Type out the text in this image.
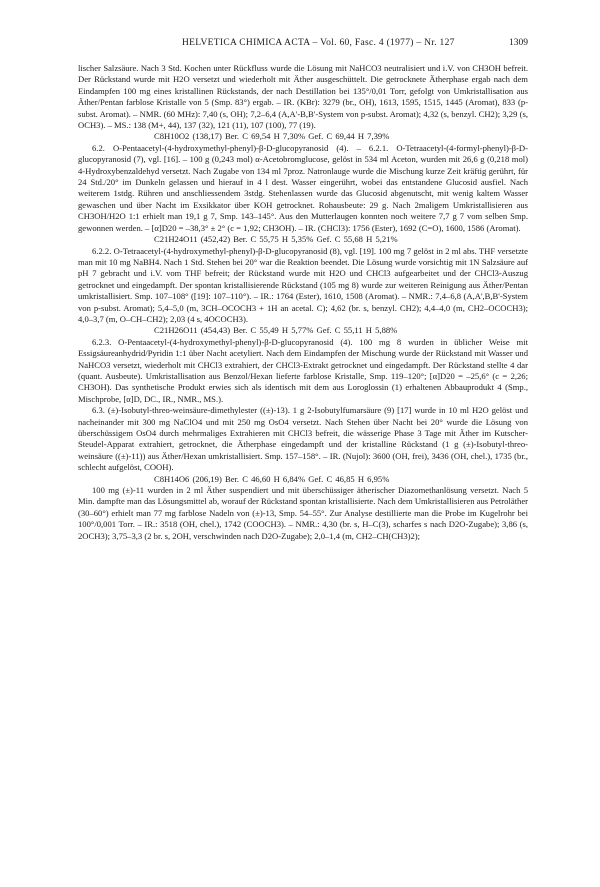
HELVETICA CHIMICA ACTA – Vol. 60, Fasc. 4 (1977) – Nr. 127	1309

lischer Salzsäure. Nach 3 Std. Kochen unter Rückfluss wurde die Lösung mit NaHCO3 neutralisiert und i.V. von CH3OH befreit. Der Rückstand wurde mit H2O versetzt und wiederholt mit Äther ausgeschüttelt. Die getrocknete Ätherphase ergab nach dem Eindampfen 100 mg eines kristallinen Rückstands, der nach Destillation bei 135°/0,01 Torr, gefolgt von Umkristallisation aus Äther/Pentan farblose Kristalle von 5 (Smp. 83°) ergab. – IR. (KBr): 3279 (br., OH), 1613, 1595, 1515, 1445 (Aromat), 833 (p-subst. Aromat). – NMR. (60 MHz): 7,40 (s, OH); 7,2–6,4 (A,A'-B,B'-System von p-subst. Aromat); 4,32 (s, benzyl. CH2); 3,29 (s, OCH3). – MS.: 138 (M+, 44), 137 (32), 121 (11), 107 (100), 77 (19).

C8H10O2 (138,17) Ber. C 69,54 H 7,30% Gef. C 69,44 H 7,39%

6.2. O-Pentaacetyl-(4-hydroxymethyl-phenyl)-β-D-glucopyranosid (4). – 6.2.1. O-Tetraacetyl-(4-formyl-phenyl)-β-D-glucopyranosid (7), vgl. [16]. – 100 g (0,243 mol) α-Acetobromglucose, gelöst in 534 ml Aceton, wurden mit 26,6 g (0,218 mol) 4-Hydroxybenzaldehyd versetzt. Nach Zugabe von 134 ml 7proz. Natronlauge wurde die Mischung kurze Zeit kräftig gerührt, für 24 Std./20° im Dunkeln gelassen und hierauf in 4 l dest. Wasser eingerührt, wobei das entstandene Glucosid ausfiel. Nach weiterem 1stdg. Rühren und anschliessendem 3stdg. Stehenlassen wurde das Glucosid abgenutscht, mit wenig kaltem Wasser gewaschen und über Nacht im Exsikkator über KOH getrocknet. Rohausbeute: 29 g. Nach 2maligem Umkristallisieren aus CH3OH/H2O 1:1 erhielt man 19,1 g 7, Smp. 143–145°. Aus den Mutterlaugen konnten noch weitere 7,7 g 7 vom selben Smp. gewonnen werden. – [α]D20 = –38,3° ± 2° (c = 1,92; CH3OH). – IR. (CHCl3): 1756 (Ester), 1692 (C=O), 1600, 1586 (Aromat).

C21H24O11 (452,42) Ber. C 55,75 H 5,35% Gef. C 55,68 H 5,21%

6.2.2. O-Tetraacetyl-(4-hydroxymethyl-phenyl)-β-D-glucopyranosid (8), vgl. [19]. 100 mg 7 gelöst in 2 ml abs. THF versetzte man mit 10 mg NaBH4. Nach 1 Std. Stehen bei 20° war die Reaktion beendet. Die Lösung wurde vorsichtig mit 1N Salzsäure auf pH 7 gebracht und i.V. vom THF befreit; der Rückstand wurde mit H2O und CHCl3 aufgearbeitet und der CHCl3-Auszug getrocknet und eingedampft. Der spontan kristallisierende Rückstand (105 mg 8) wurde zur weiteren Reinigung aus Äther/Pentan umkristallisiert. Smp. 107–108° ([19]: 107–110°). – IR.: 1764 (Ester), 1610, 1508 (Aromat). – NMR.: 7,4–6,8 (A,A',B,B'-System von p-subst. Aromat); 5,4–5,0 (m, 3CH–OCOCH3 + 1H an acetal. C); 4,62 (br. s, benzyl. CH2); 4,4–4,0 (m, CH2–OCOCH3); 4,0–3,7 (m, O–CH–CH2); 2,03 (4 s, 4OCOCH3).

C21H26O11 (454,43) Ber. C 55,49 H 5,77% Gef. C 55,11 H 5,88%

6.2.3. O-Pentaacetyl-(4-hydroxymethyl-phenyl)-β-D-glucopyranosid (4). 100 mg 8 wurden in üblicher Weise mit Essigsäureanhydrid/Pyridin 1:1 über Nacht acetyliert. Nach dem Eindampfen der Mischung wurde der Rückstand mit Wasser und NaHCO3 versetzt, wiederholt mit CHCl3 extrahiert, der CHCl3-Extrakt getrocknet und eingedampft. Der Rückstand stellte 4 dar (quant. Ausbeute). Umkristallisation aus Benzol/Hexan lieferte farblose Kristalle, Smp. 119–120°; [α]D20 = –25,6° (c = 2,26; CH3OH). Das synthetische Produkt erwies sich als identisch mit dem aus Loroglossin (1) erhaltenen Abbauprodukt 4 (Smp., Mischprobe, [α]D, DC., IR., NMR., MS.).

6.3. (±)-Isobutyl-threo-weinsäure-dimethylester ((±)-13). 1 g 2-Isobutylfumarsäure (9) [17] wurde in 10 ml H2O gelöst und nacheinander mit 300 mg NaClO4 und mit 250 mg OsO4 versetzt. Nach Stehen über Nacht bei 20° wurde die Lösung von überschüssigem OsO4 durch mehrmaliges Extrahieren mit CHCl3 befreit, die wässerige Phase 3 Tage mit Äther im Kutscher-Steudel-Apparat extrahiert, getrocknet, die Ätherphase eingedampft und der kristalline Rückstand (1 g (±)-Isobutyl-threo-weinsäure ((±)-11)) aus Äther/Hexan umkristallisiert. Smp. 157–158°. – IR. (Nujol): 3600 (OH, frei), 3436 (OH, chel.), 1735 (br., schlecht aufgelöst, COOH).

C8H14O6 (206,19) Ber. C 46,60 H 6,84% Gef. C 46,85 H 6,95%

100 mg (±)-11 wurden in 2 ml Äther suspendiert und mit überschüssiger ätherischer Diazomethanlösung versetzt. Nach 5 Min. dampfte man das Lösungsmittel ab, worauf der Rückstand spontan kristallisierte. Nach dem Umkristallisieren aus Petroläther (30–60°) erhielt man 77 mg farblose Nadeln von (±)-13, Smp. 54–55°. Zur Analyse destillierte man die Probe im Kugelrohr bei 100°/0,001 Torr. – IR.: 3518 (OH, chel.), 1742 (COOCH3). – NMR.: 4,30 (br. s, H–C(3), scharfes s nach D2O-Zugabe); 3,86 (s, 2OCH3); 3,75–3,3 (2 br. s, 2OH, verschwinden nach D2O-Zugabe); 2,0–1,4 (m, CH2–CH(CH3)2);
